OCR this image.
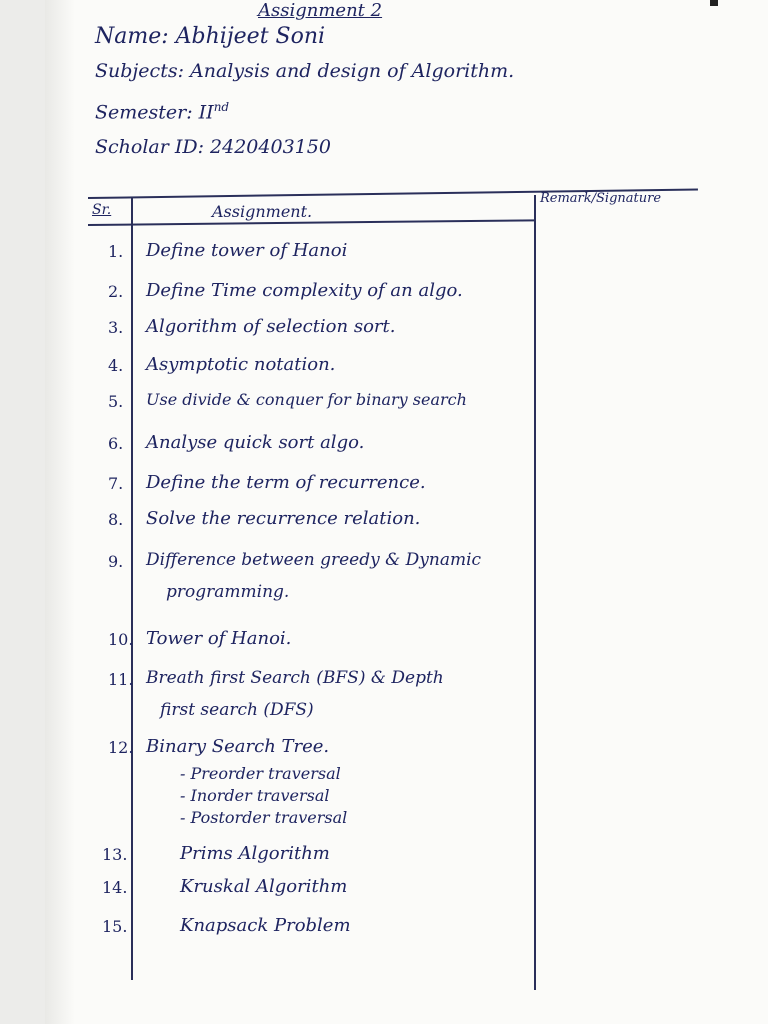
Assignment 2
Name: Abhijeet Soni
Subjects: Analysis and design of Algorithm.
Semester: IInd
Scholar ID: 2420403150
Sr.	Assignment.
Remark/Signature
1. Define tower of Hanoi
2. Define Time complexity of an algo.
3. Algorithm of selection sort.
4. Asymptotic notation.
5. Use divide & conquer for binary search
6. Analyse quick sort algo.
7. Define the term of recurrence.
8. Solve the recurrence relation.
9. Difference between greedy & Dynamic
programming.
10. Tower of Hanoi.
11. Breath first Search (BFS) & Depth
first search (DFS)
12. Binary Search Tree.
- Preorder traversal
- Inorder traversal
- Postorder traversal
13.	Prims Algorithm
14.	Kruskal Algorithm
15.	Knapsack Problem
